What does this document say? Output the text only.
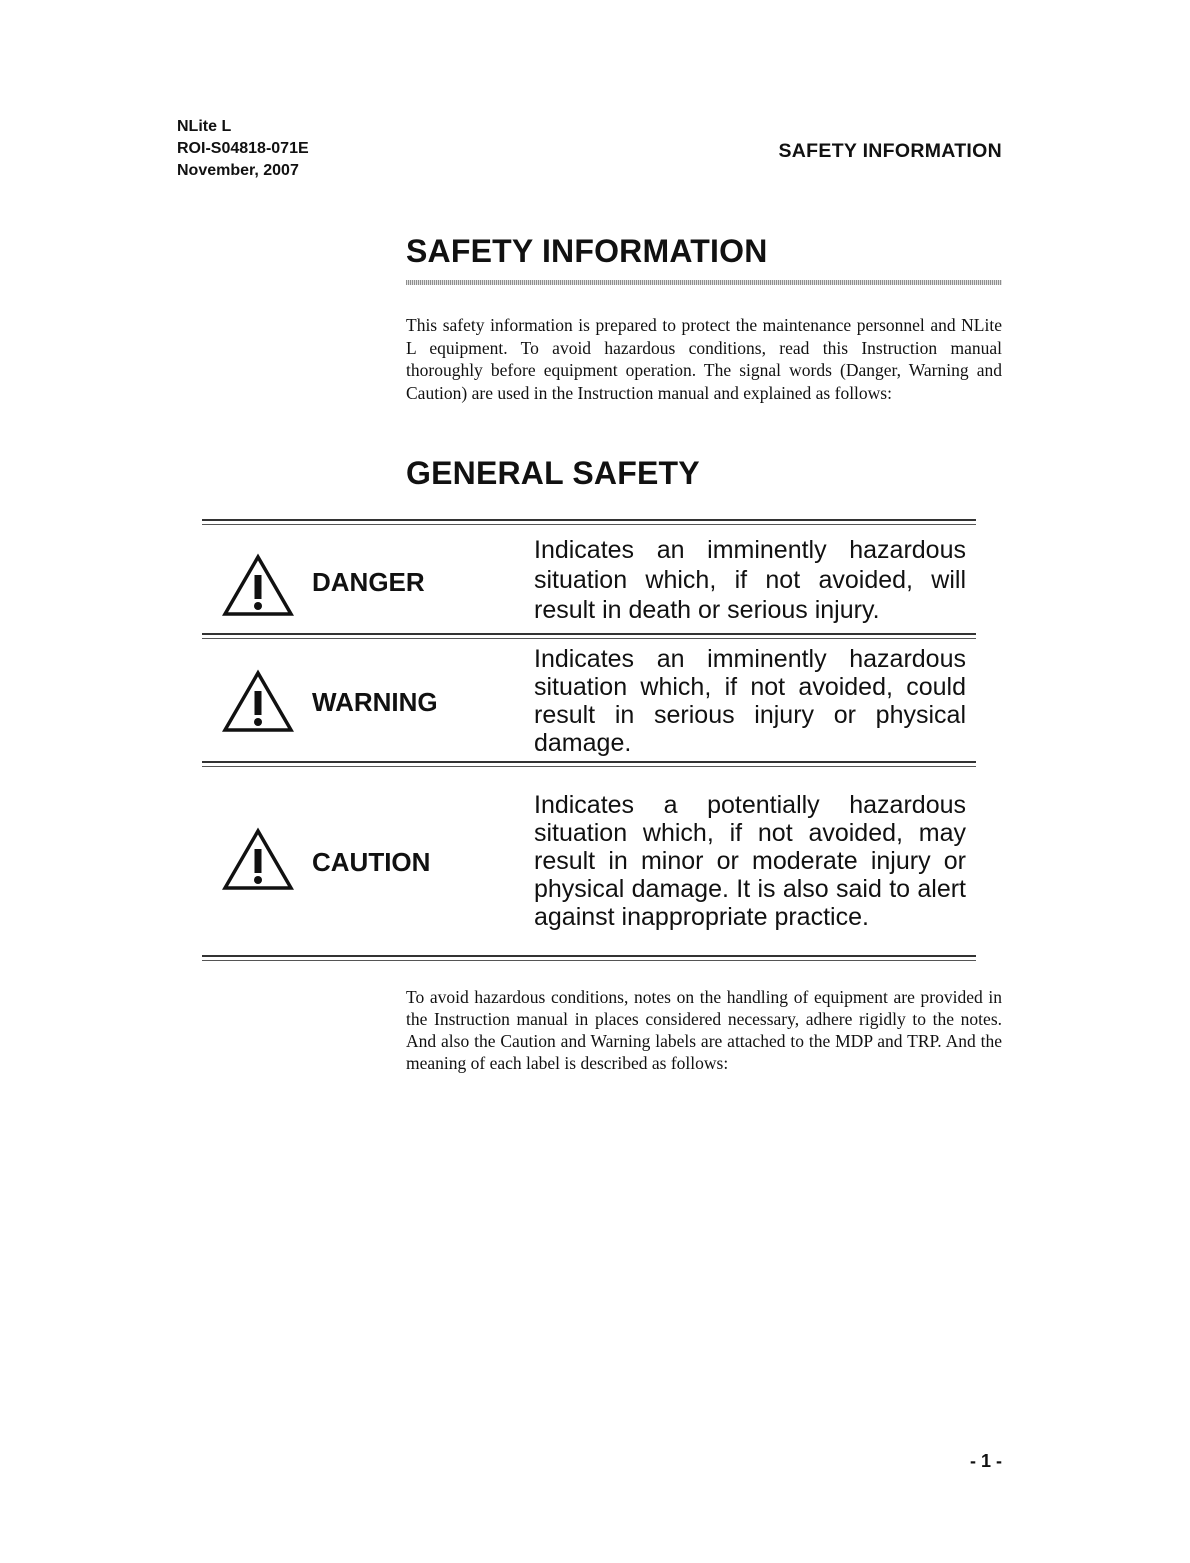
NLite L
ROI-S04818-071E
November, 2007
SAFETY INFORMATION
SAFETY INFORMATION
This safety information is prepared to protect the maintenance personnel and NLite L equipment. To avoid hazardous conditions, read this Instruction manual thoroughly before equipment operation. The signal words (Danger, Warning and Caution) are used in the Instruction manual and explained as follows:
GENERAL SAFETY
DANGER
Indicates an imminently hazardous situation which, if not avoided, will result in death or serious injury.
WARNING
Indicates an imminently hazardous situation which, if not avoided, could result in serious injury or physical damage.
CAUTION
Indicates a potentially hazardous situation which, if not avoided, may result in minor or moderate injury or physical damage. It is also said to alert against inappropriate practice.
To avoid hazardous conditions, notes on the handling of equipment are provided in the Instruction manual in places considered necessary, adhere rigidly to the notes. And also the Caution and Warning labels are attached to the MDP and TRP. And the meaning of each label is described as follows:
- 1 -
